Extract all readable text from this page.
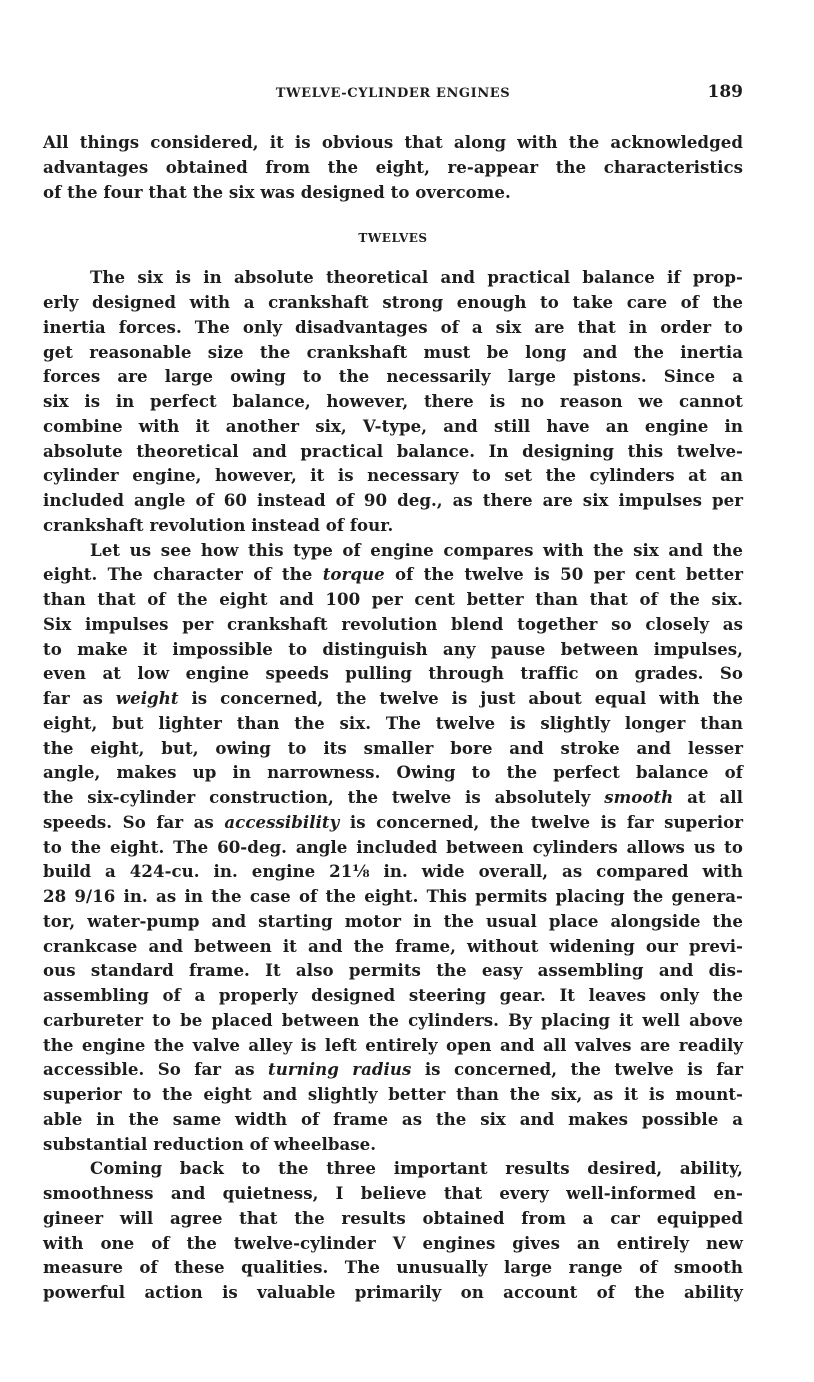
TWELVE-CYLINDER ENGINES	189

All things considered, it is obvious that along with the acknowledged
advantages obtained from the eight, re-appear the characteristics
of the four that the six was designed to overcome.

TWELVES

The six is in absolute theoretical and practical balance if prop-
erly designed with a crankshaft strong enough to take care of the
inertia forces. The only disadvantages of a six are that in order to
get reasonable size the crankshaft must be long and the inertia
forces are large owing to the necessarily large pistons. Since a
six is in perfect balance, however, there is no reason we cannot
combine with it another six, V-type, and still have an engine in
absolute theoretical and practical balance. In designing this twelve-
cylinder engine, however, it is necessary to set the cylinders at an
included angle of 60 instead of 90 deg., as there are six impulses per
crankshaft revolution instead of four.

Let us see how this type of engine compares with the six and the
eight. The character of the torque of the twelve is 50 per cent better
than that of the eight and 100 per cent better than that of the six.
Six impulses per crankshaft revolution blend together so closely as
to make it impossible to distinguish any pause between impulses,
even at low engine speeds pulling through traffic on grades. So
far as weight is concerned, the twelve is just about equal with the
eight, but lighter than the six. The twelve is slightly longer than
the eight, but, owing to its smaller bore and stroke and lesser
angle, makes up in narrowness. Owing to the perfect balance of
the six-cylinder construction, the twelve is absolutely smooth at all
speeds. So far as accessibility is concerned, the twelve is far superior
to the eight. The 60-deg. angle included between cylinders allows us to
build a 424-cu. in. engine 21⅛ in. wide overall, as compared with
28 9/16 in. as in the case of the eight. This permits placing the genera-
tor, water-pump and starting motor in the usual place alongside the
crankcase and between it and the frame, without widening our previ-
ous standard frame. It also permits the easy assembling and dis-
assembling of a properly designed steering gear. It leaves only the
carbureter to be placed between the cylinders. By placing it well above
the engine the valve alley is left entirely open and all valves are readily
accessible. So far as turning radius is concerned, the twelve is far
superior to the eight and slightly better than the six, as it is mount-
able in the same width of frame as the six and makes possible a
substantial reduction of wheelbase.

Coming back to the three important results desired, ability,
smoothness and quietness, I believe that every well-informed en-
gineer will agree that the results obtained from a car equipped
with one of the twelve-cylinder V engines gives an entirely new
measure of these qualities. The unusually large range of smooth
powerful action is valuable primarily on account of the ability
